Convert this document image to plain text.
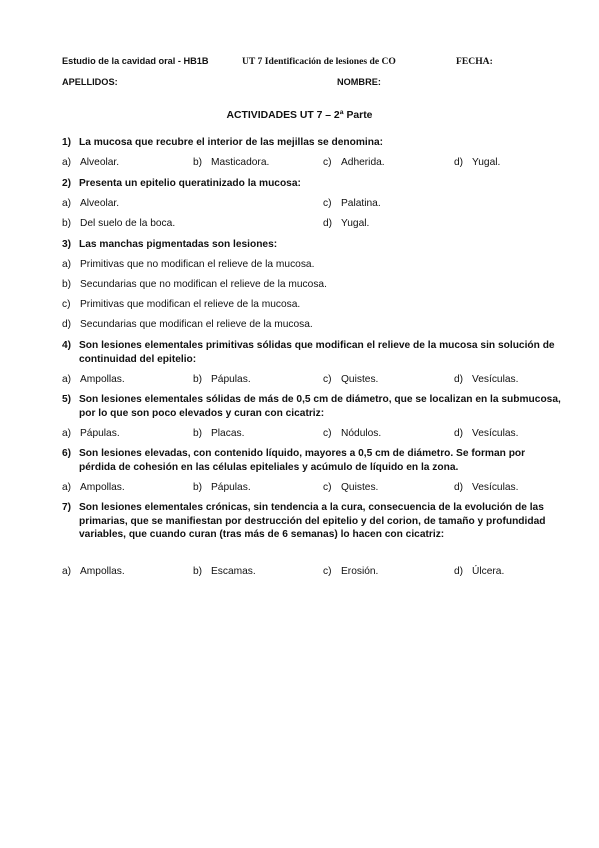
Estudio de la cavidad oral - HB1B	UT 7 Identificación de lesiones de CO	FECHA:
APELLIDOS:	NOMBRE:
ACTIVIDADES UT 7 – 2ª Parte
1) La mucosa que recubre el interior de las mejillas se denomina:
a) Alveolar.	b) Masticadora.	c) Adherida.	d) Yugal.
2) Presenta un epitelio queratinizado la mucosa:
a) Alveolar.	c) Palatina.
b) Del suelo de la boca.	d) Yugal.
3) Las manchas pigmentadas son lesiones:
a) Primitivas que no modifican el relieve de la mucosa.
b) Secundarias que no modifican el relieve de la mucosa.
c) Primitivas que modifican el relieve de la mucosa.
d) Secundarias que modifican el relieve de la mucosa.
4) Son lesiones elementales primitivas sólidas que modifican el relieve de la mucosa sin solución de continuidad del epitelio:
a) Ampollas.	b) Pápulas.	c) Quistes.	d) Vesículas.
5) Son lesiones elementales sólidas de más de 0,5 cm de diámetro, que se localizan en la submucosa, por lo que son poco elevados y curan con cicatriz:
a) Pápulas.	b) Placas.	c) Nódulos.	d) Vesículas.
6) Son lesiones elevadas, con contenido líquido, mayores a 0,5 cm de diámetro. Se forman por pérdida de cohesión en las células epiteliales y acúmulo de líquido en la zona.
a) Ampollas.	b) Pápulas.	c) Quistes.	d) Vesículas.
7) Son lesiones elementales crónicas, sin tendencia a la cura, consecuencia de la evolución de las primarias, que se manifiestan por destrucción del epitelio y del corion, de tamaño y profundidad variables, que cuando curan (tras más de 6 semanas) lo hacen con cicatriz:
a) Ampollas.	b) Escamas.	c) Erosión.	d) Úlcera.
